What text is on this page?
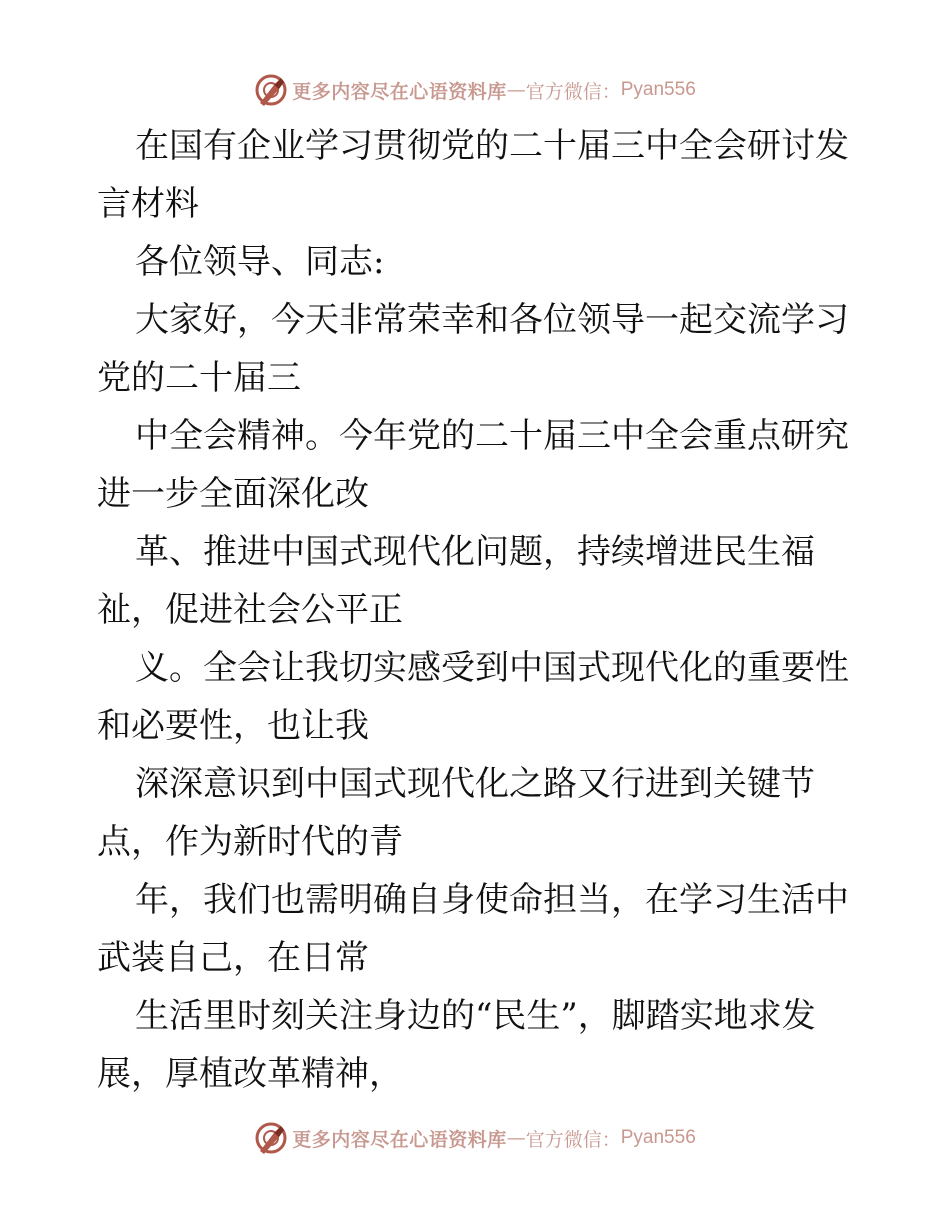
更多内容尽在心语资料库 — 官方微信： Pyan556
在国有企业学习贯彻党的二十届三中全会研讨发
言材料
各位领导、同志:
大家好，今天非常荣幸和各位领导一起交流学习
党的二十届三
中全会精神。今年党的二十届三中全会重点研究
进一步全面深化改
革、推进中国式现代化问题，持续增进民生福
祉，促进社会公平正
义。全会让我切实感受到中国式现代化的重要性
和必要性，也让我
深深意识到中国式现代化之路又行进到关键节
点，作为新时代的青
年，我们也需明确自身使命担当，在学习生活中
武装自己，在日常
生活里时刻关注身边的“民生”，脚踏实地求发
展，厚植改革精神，
更多内容尽在心语资料库 — 官方微信： Pyan556
